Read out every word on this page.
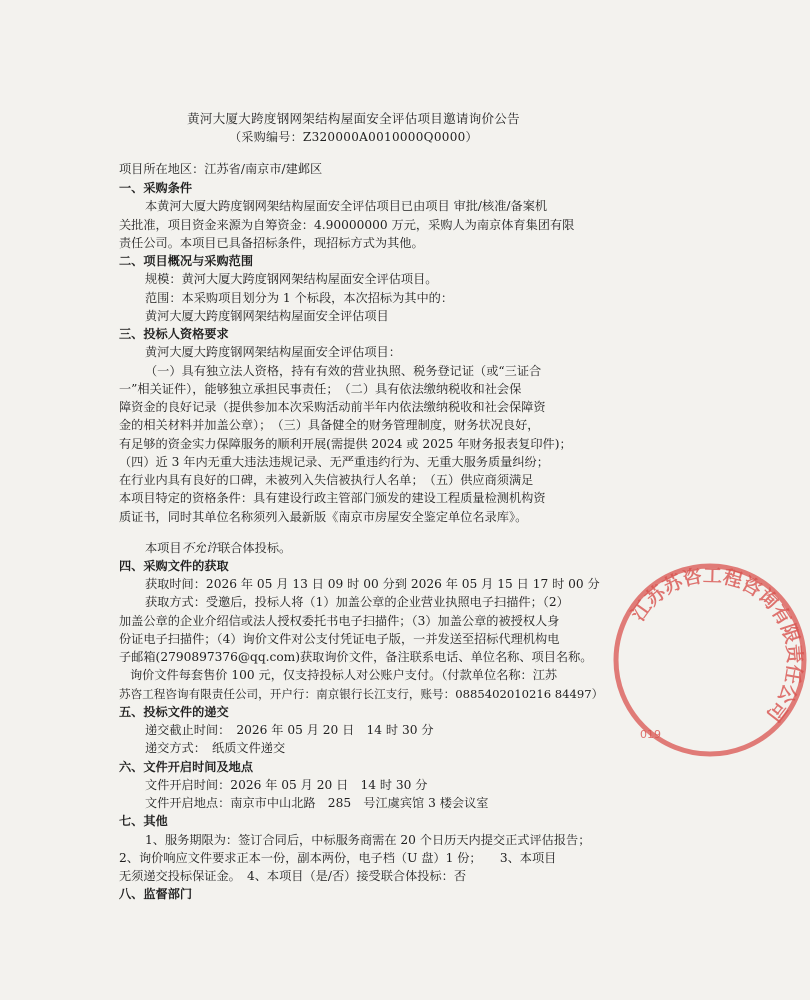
黄河大厦大跨度钢网架结构屋面安全评估项目邀请询价公告
（采购编号：Z320000A0010000Q0000）
项目所在地区：江苏省/南京市/建邺区
一、采购条件
本黄河大厦大跨度钢网架结构屋面安全评估项目已由项目 审批/核准/备案机
关批准，项目资金来源为自筹资金：4.90000000 万元，采购人为南京体育集团有限
责任公司。本项目已具备招标条件，现招标方式为其他。
二、项目概况与采购范围
规模：黄河大厦大跨度钢网架结构屋面安全评估项目。
范围：本采购项目划分为 1 个标段，本次招标为其中的：
黄河大厦大跨度钢网架结构屋面安全评估项目
三、投标人资格要求
黄河大厦大跨度钢网架结构屋面安全评估项目：
（一）具有独立法人资格，持有有效的营业执照、税务登记证（或“三证合
一”相关证件），能够独立承担民事责任；　（二）具有依法缴纳税收和社会保
障资金的良好记录（提供参加本次采购活动前半年内依法缴纳税收和社会保障资
金的相关材料并加盖公章）；　（三）具备健全的财务管理制度，财务状况良好，
有足够的资金实力保障服务的顺利开展(需提供 2024 或 2025 年财务报表复印件)；
（四）近 3 年内无重大违法违规记录、无严重违约行为、无重大服务质量纠纷；
在行业内具有良好的口碑，未被列入失信被执行人名单；　（五）供应商须满足
本项目特定的资格条件：具有建设行政主管部门颁发的建设工程质量检测机构资
质证书，同时其单位名称须列入最新版《南京市房屋安全鉴定单位名录库》。
本项目不允许联合体投标。
四、采购文件的获取
获取时间：2026 年 05 月 13 日 09 时 00 分到 2026 年 05 月 15 日 17 时 00 分
获取方式：受邀后，投标人将（1）加盖公章的企业营业执照电子扫描件；（2）
加盖公章的企业介绍信或法人授权委托书电子扫描件；（3）加盖公章的被授权人身
份证电子扫描件；（4）询价文件对公支付凭证电子版，一并发送至招标代理机构电
子邮箱(2790897376@qq.com)获取询价文件，备注联系电话、单位名称、项目名称。
询价文件每套售价 100 元，仅支持投标人对公账户支付。（付款单位名称：江苏
苏咨工程咨询有限责任公司，开户行：南京银行长江支行，账号：0885402010216 84497）
五、投标文件的递交
递交截止时间：　2026 年 05 月 20 日　14 时 30 分
递交方式：　纸质文件递交
六、文件开启时间及地点
文件开启时间：2026 年 05 月 20 日　14 时 30 分
文件开启地点：南京市中山北路　285　号江虞宾馆 3 楼会议室
七、其他
1、服务期限为：签订合同后，中标服务商需在 20 个日历天内提交正式评估报告；
2、询价响应文件要求正本一份，副本两份，电子档（U 盘）1 份；　　3、本项目
无须递交投标保证金。　4、本项目（是/否）接受联合体投标：否
八、监督部门
江苏苏咨工程咨询有限责任公司
019
